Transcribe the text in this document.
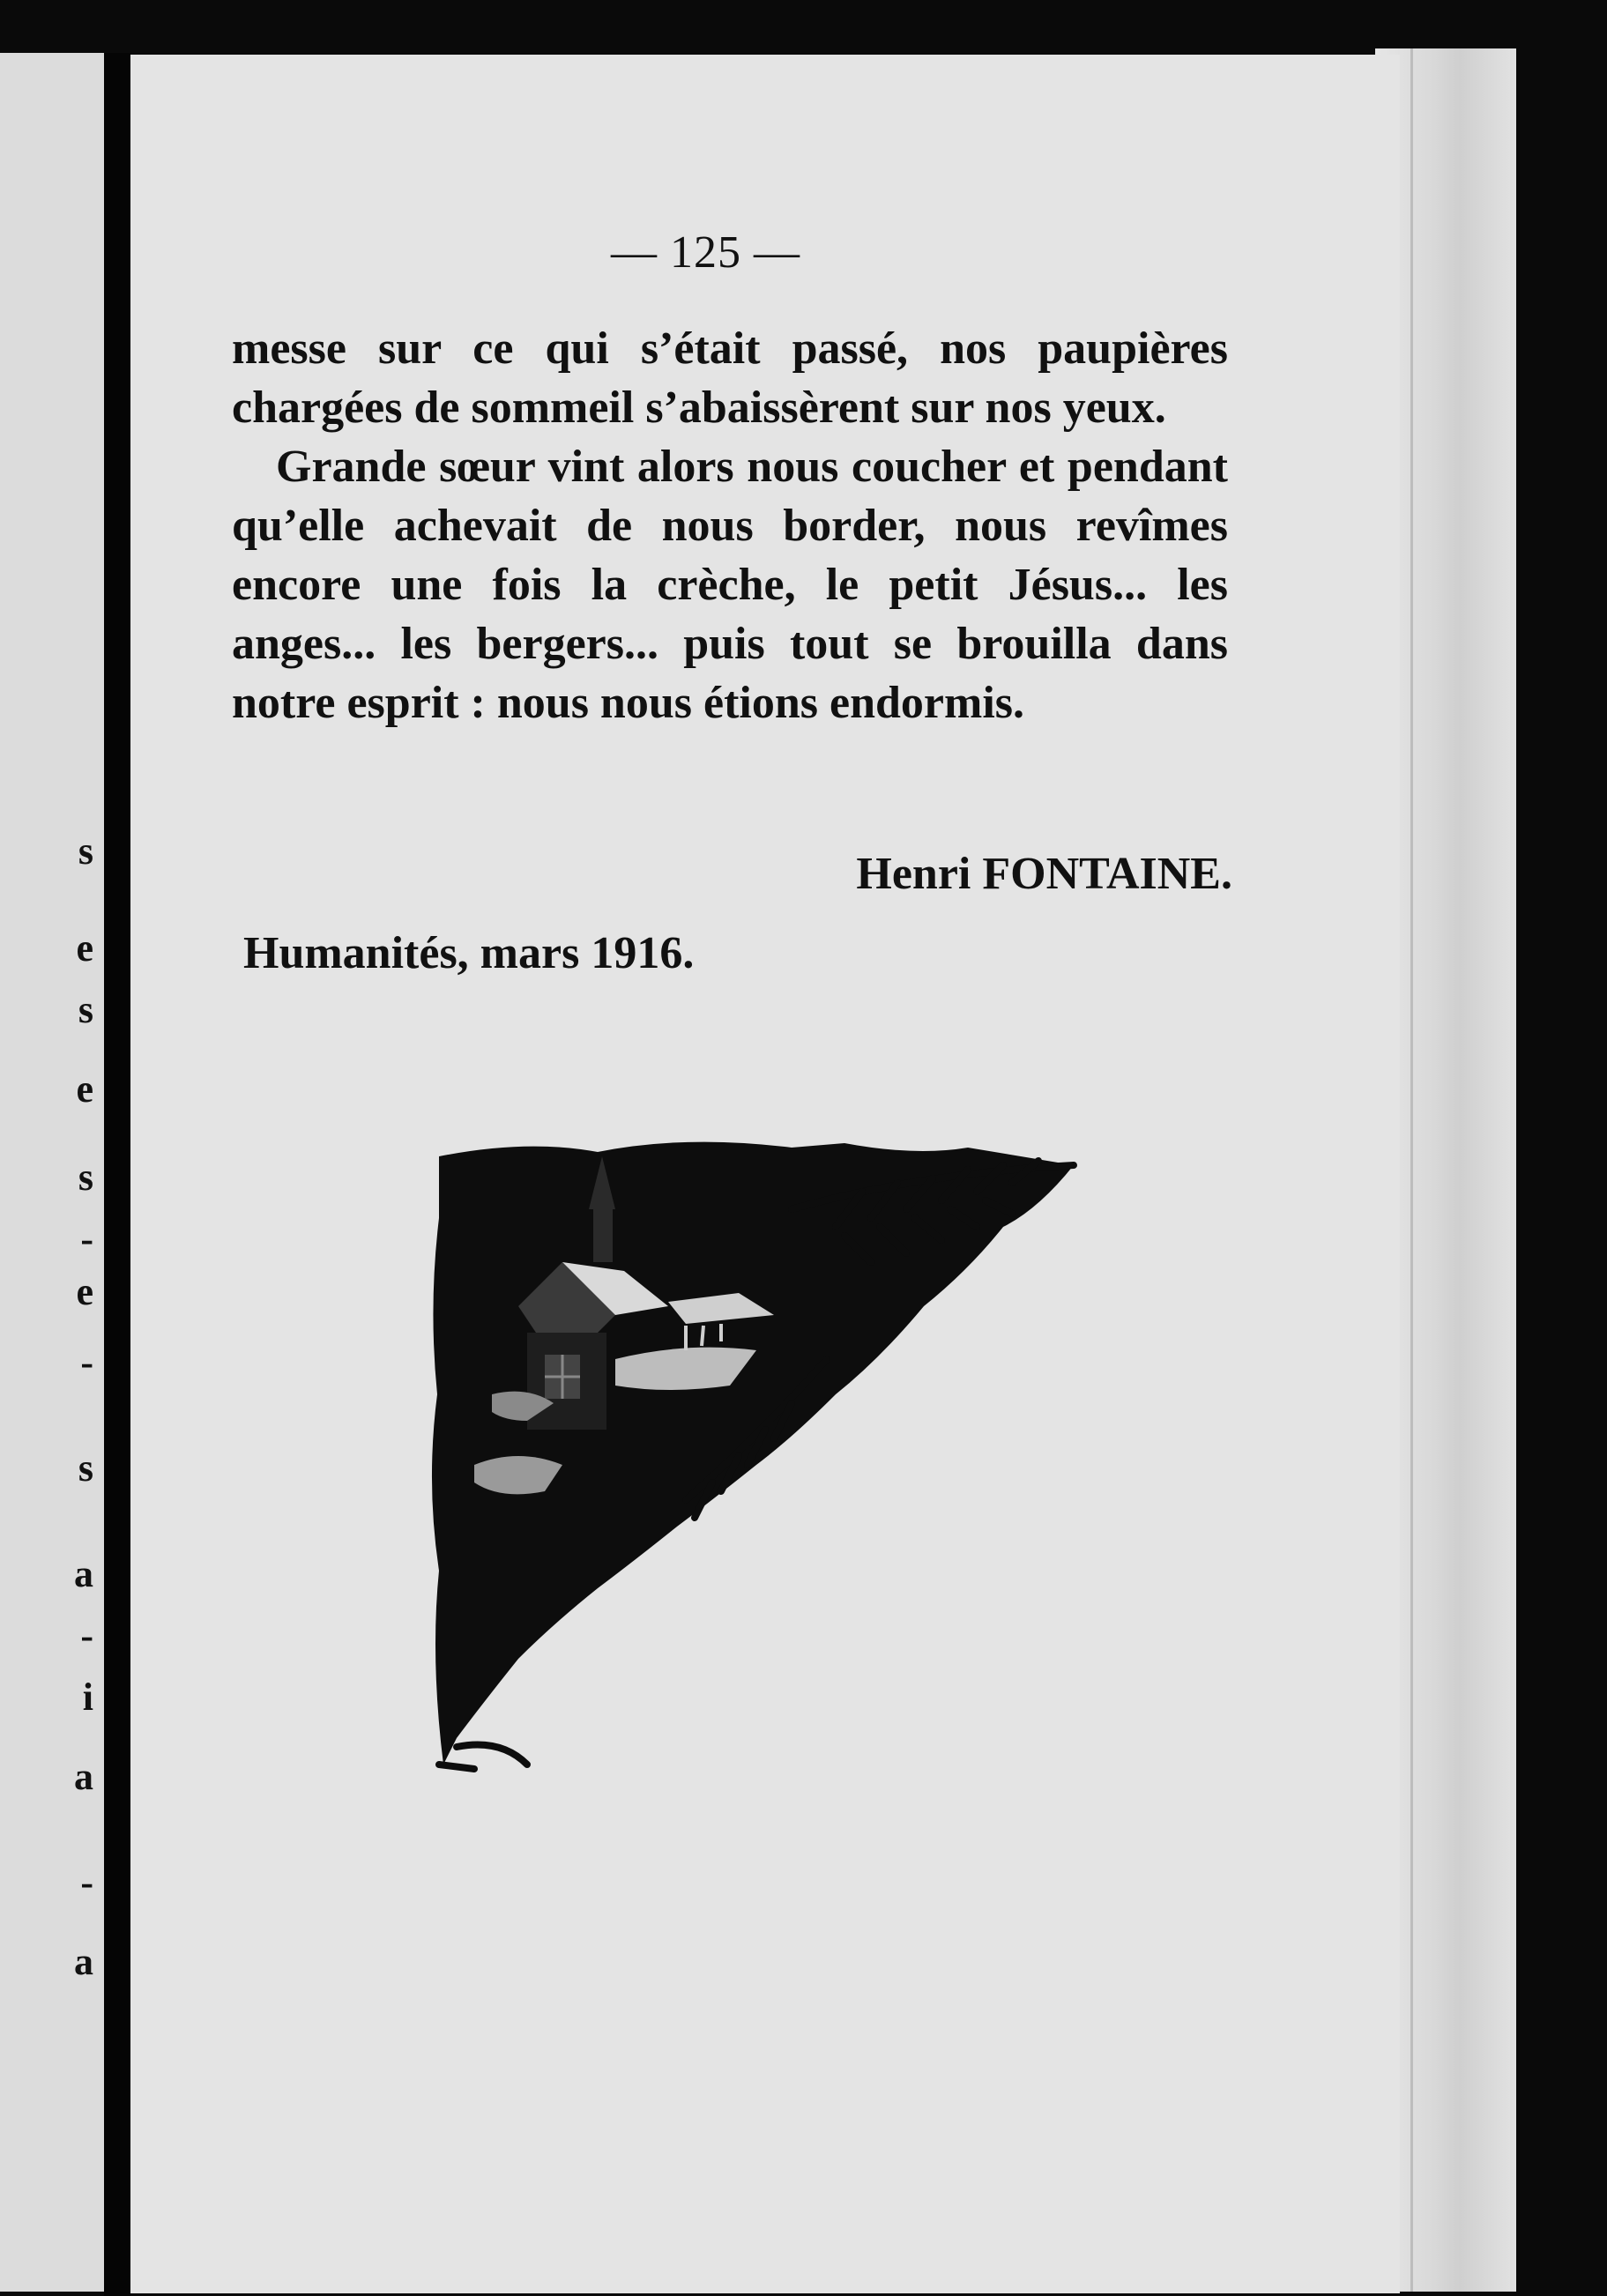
s
e
s
e
s
-
e
-
s
a
-
i
a
-
a
— 125 —

messe sur ce qui s’était passé, nos paupières chargées de sommeil s’abaissèrent sur nos yeux.

Grande sœur vint alors nous coucher et pendant qu’elle achevait de nous border, nous revîmes encore une fois la crèche, le petit Jésus... les anges... les bergers... puis tout se brouilla dans notre esprit : nous nous étions endormis.

Henri FONTAINE.
Humanités, mars 1916.
